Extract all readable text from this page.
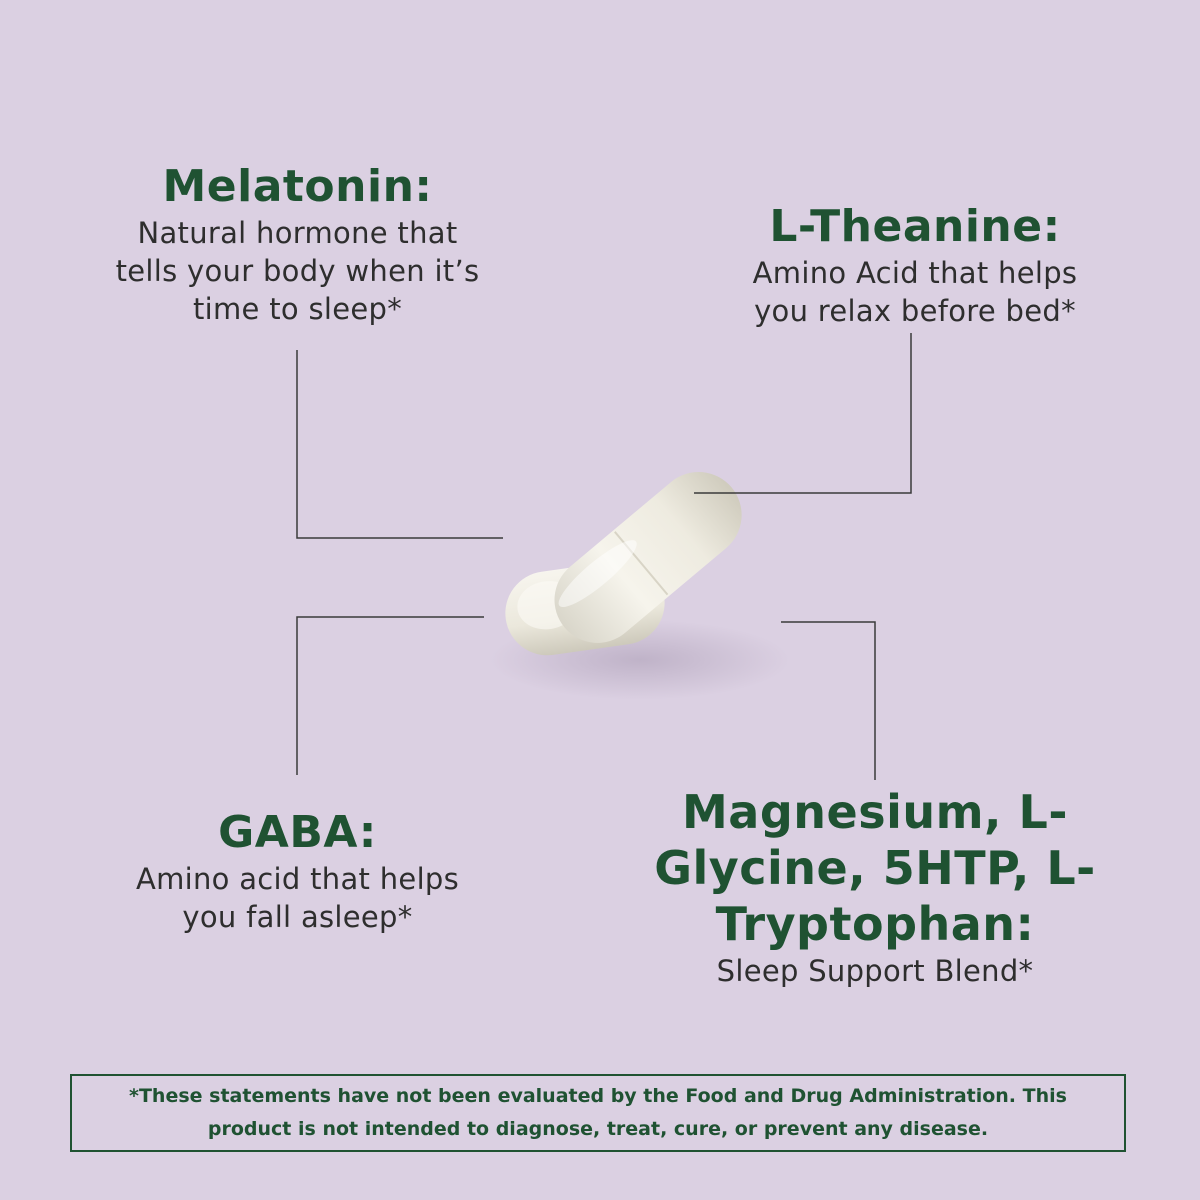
Melatonin:
Natural hormone that
tells your body when it’s
time to sleep*
L-Theanine:
Amino Acid that helps
you relax before bed*
GABA:
Amino acid that helps
you fall asleep*
Magnesium, L-
Glycine, 5HTP, L-
Tryptophan:
Sleep Support Blend*
*These statements have not been evaluated by the Food and Drug Administration. This
product is not intended to diagnose, treat, cure, or prevent any disease.
